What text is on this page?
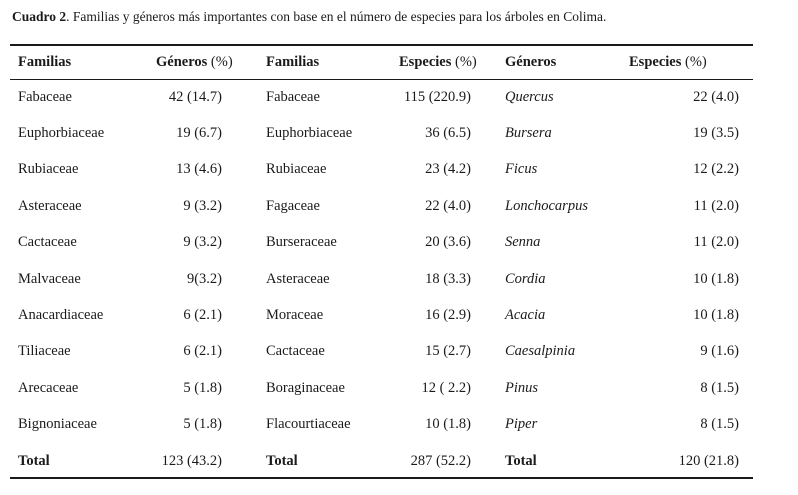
Cuadro 2. Familias y géneros más importantes con base en el número de especies para los árboles en Colima.
Familias	Géneros (%)	Familias	Especies (%)	Géneros	Especies (%)
Fabaceae	42 (14.7)	Fabaceae	115 (220.9)	Quercus	22 (4.0)
Euphorbiaceae	19 (6.7)	Euphorbiaceae	36 (6.5)	Bursera	19 (3.5)
Rubiaceae	13 (4.6)	Rubiaceae	23 (4.2)	Ficus	12 (2.2)
Asteraceae	9 (3.2)	Fagaceae	22 (4.0)	Lonchocarpus	11 (2.0)
Cactaceae	9 (3.2)	Burseraceae	20 (3.6)	Senna	11 (2.0)
Malvaceae	9(3.2)	Asteraceae	18 (3.3)	Cordia	10 (1.8)
Anacardiaceae	6 (2.1)	Moraceae	16 (2.9)	Acacia	10 (1.8)
Tiliaceae	6 (2.1)	Cactaceae	15 (2.7)	Caesalpinia	9 (1.6)
Arecaceae	5 (1.8)	Boraginaceae	12 ( 2.2)	Pinus	8 (1.5)
Bignoniaceae	5 (1.8)	Flacourtiaceae	10 (1.8)	Piper	8 (1.5)
Total	123 (43.2)	Total	287 (52.2)	Total	120 (21.8)
